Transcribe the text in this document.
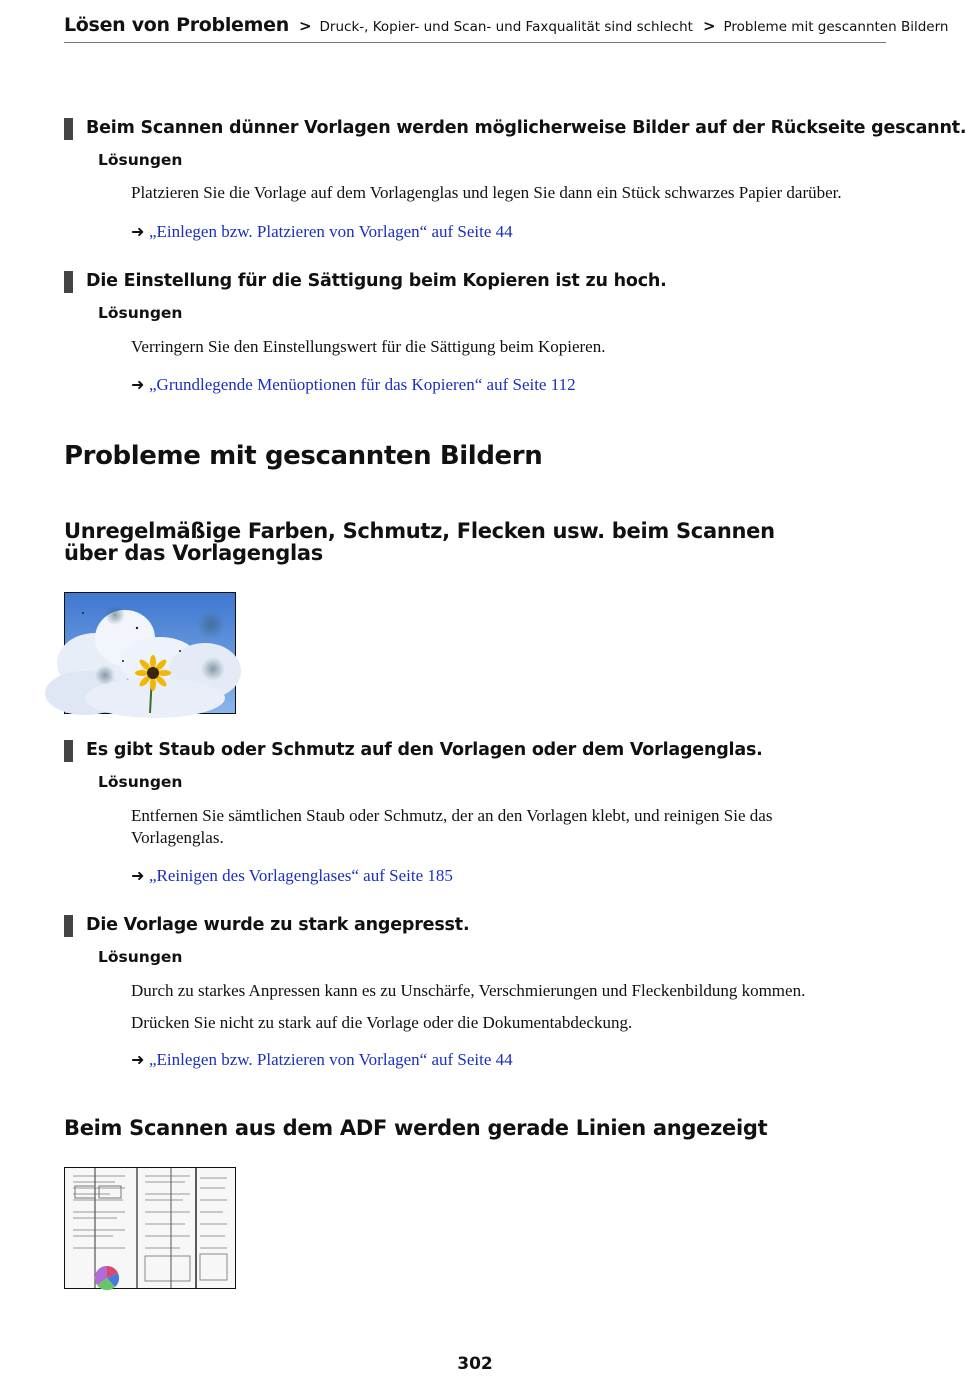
Lösen von Problemen > Druck-, Kopier- und Scan- und Faxqualität sind schlecht > Probleme mit gescannten Bildern
Beim Scannen dünner Vorlagen werden möglicherweise Bilder auf der Rückseite gescannt.
Lösungen
Platzieren Sie die Vorlage auf dem Vorlagenglas und legen Sie dann ein Stück schwarzes Papier darüber.
➜ „Einlegen bzw. Platzieren von Vorlagen“ auf Seite 44
Die Einstellung für die Sättigung beim Kopieren ist zu hoch.
Lösungen
Verringern Sie den Einstellungswert für die Sättigung beim Kopieren.
➜ „Grundlegende Menüoptionen für das Kopieren“ auf Seite 112
Probleme mit gescannten Bildern
Unregelmäßige Farben, Schmutz, Flecken usw. beim Scannen über das Vorlagenglas
Es gibt Staub oder Schmutz auf den Vorlagen oder dem Vorlagenglas.
Lösungen
Entfernen Sie sämtlichen Staub oder Schmutz, der an den Vorlagen klebt, und reinigen Sie das Vorlagenglas.
➜ „Reinigen des Vorlagenglases“ auf Seite 185
Die Vorlage wurde zu stark angepresst.
Lösungen
Durch zu starkes Anpressen kann es zu Unschärfe, Verschmierungen und Fleckenbildung kommen.
Drücken Sie nicht zu stark auf die Vorlage oder die Dokumentabdeckung.
➜ „Einlegen bzw. Platzieren von Vorlagen“ auf Seite 44
Beim Scannen aus dem ADF werden gerade Linien angezeigt
302
